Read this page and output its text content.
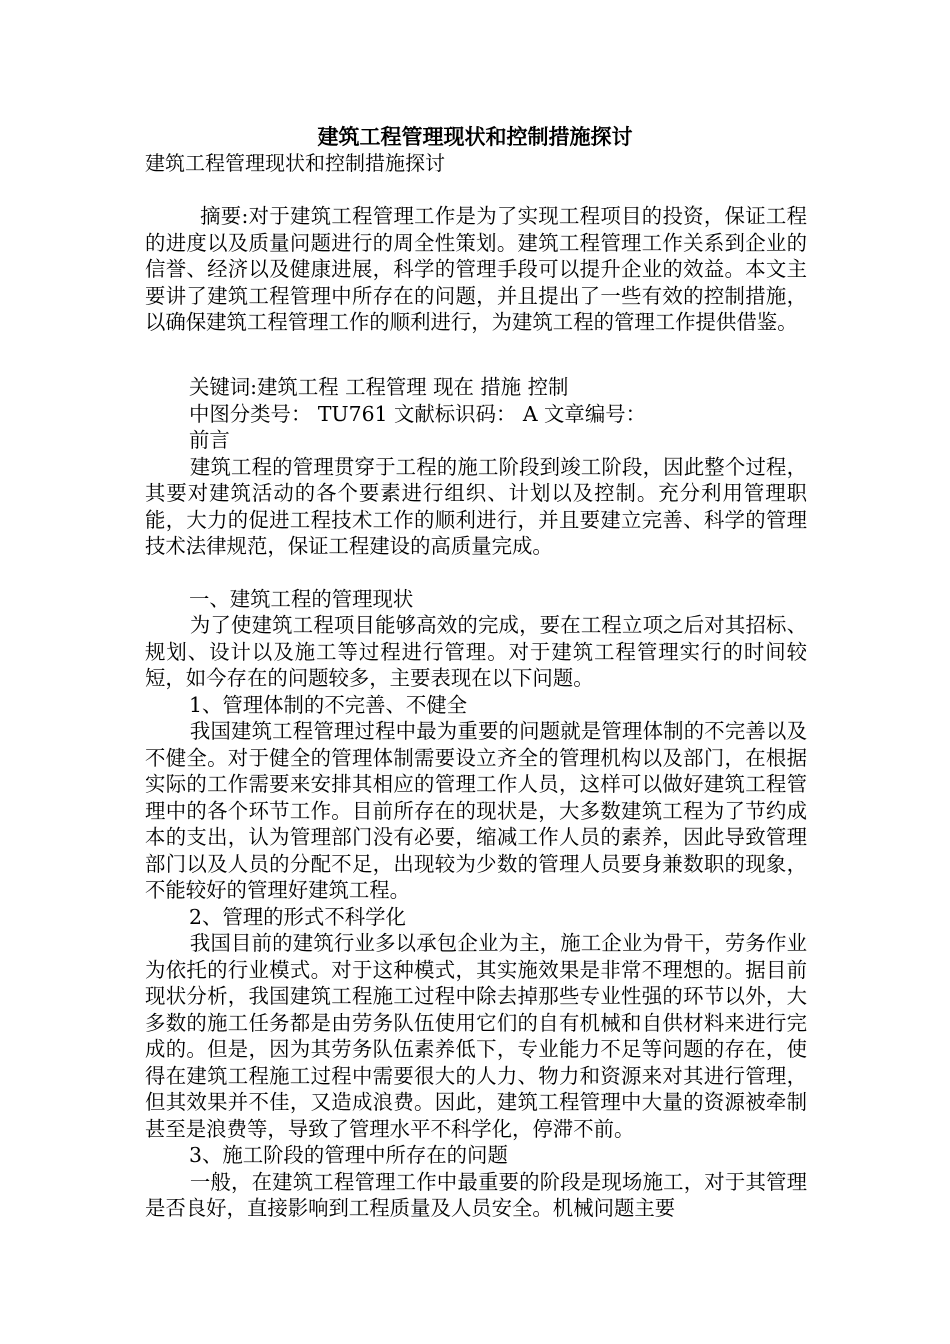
建筑工程管理现状和控制措施探讨
建筑工程管理现状和控制措施探讨

摘要:对于建筑工程管理工作是为了实现工程项目的投资，保证工程的进度以及质量问题进行的周全性策划。建筑工程管理工作关系到企业的信誉、经济以及健康进展，科学的管理手段可以提升企业的效益。本文主要讲了建筑工程管理中所存在的问题，并且提出了一些有效的控制措施，以确保建筑工程管理工作的顺利进行，为建筑工程的管理工作提供借鉴。

关键词:建筑工程 工程管理 现在 措施 控制

中图分类号： TU761 文献标识码： A 文章编号：

前言

建筑工程的管理贯穿于工程的施工阶段到竣工阶段，因此整个过程，其要对建筑活动的各个要素进行组织、计划以及控制。充分利用管理职能，大力的促进工程技术工作的顺利进行，并且要建立完善、科学的管理技术法律规范，保证工程建设的高质量完成。

一、建筑工程的管理现状

为了使建筑工程项目能够高效的完成，要在工程立项之后对其招标、规划、设计以及施工等过程进行管理。对于建筑工程管理实行的时间较短，如今存在的问题较多，主要表现在以下问题。

1、管理体制的不完善、不健全

我国建筑工程管理过程中最为重要的问题就是管理体制的不完善以及不健全。对于健全的管理体制需要设立齐全的管理机构以及部门，在根据实际的工作需要来安排其相应的管理工作人员，这样可以做好建筑工程管理中的各个环节工作。目前所存在的现状是，大多数建筑工程为了节约成本的支出，认为管理部门没有必要，缩减工作人员的素养，因此导致管理部门以及人员的分配不足，出现较为少数的管理人员要身兼数职的现象，不能较好的管理好建筑工程。

2、管理的形式不科学化

我国目前的建筑行业多以承包企业为主，施工企业为骨干，劳务作业为依托的行业模式。对于这种模式，其实施效果是非常不理想的。据目前现状分析，我国建筑工程施工过程中除去掉那些专业性强的环节以外，大多数的施工任务都是由劳务队伍使用它们的自有机械和自供材料来进行完成的。但是，因为其劳务队伍素养低下，专业能力不足等问题的存在，使得在建筑工程施工过程中需要很大的人力、物力和资源来对其进行管理，但其效果并不佳，又造成浪费。因此，建筑工程管理中大量的资源被牵制甚至是浪费等，导致了管理水平不科学化，停滞不前。

3、施工阶段的管理中所存在的问题

一般，在建筑工程管理工作中最重要的阶段是现场施工，对于其管理是否良好，直接影响到工程质量及人员安全。机械问题主要
